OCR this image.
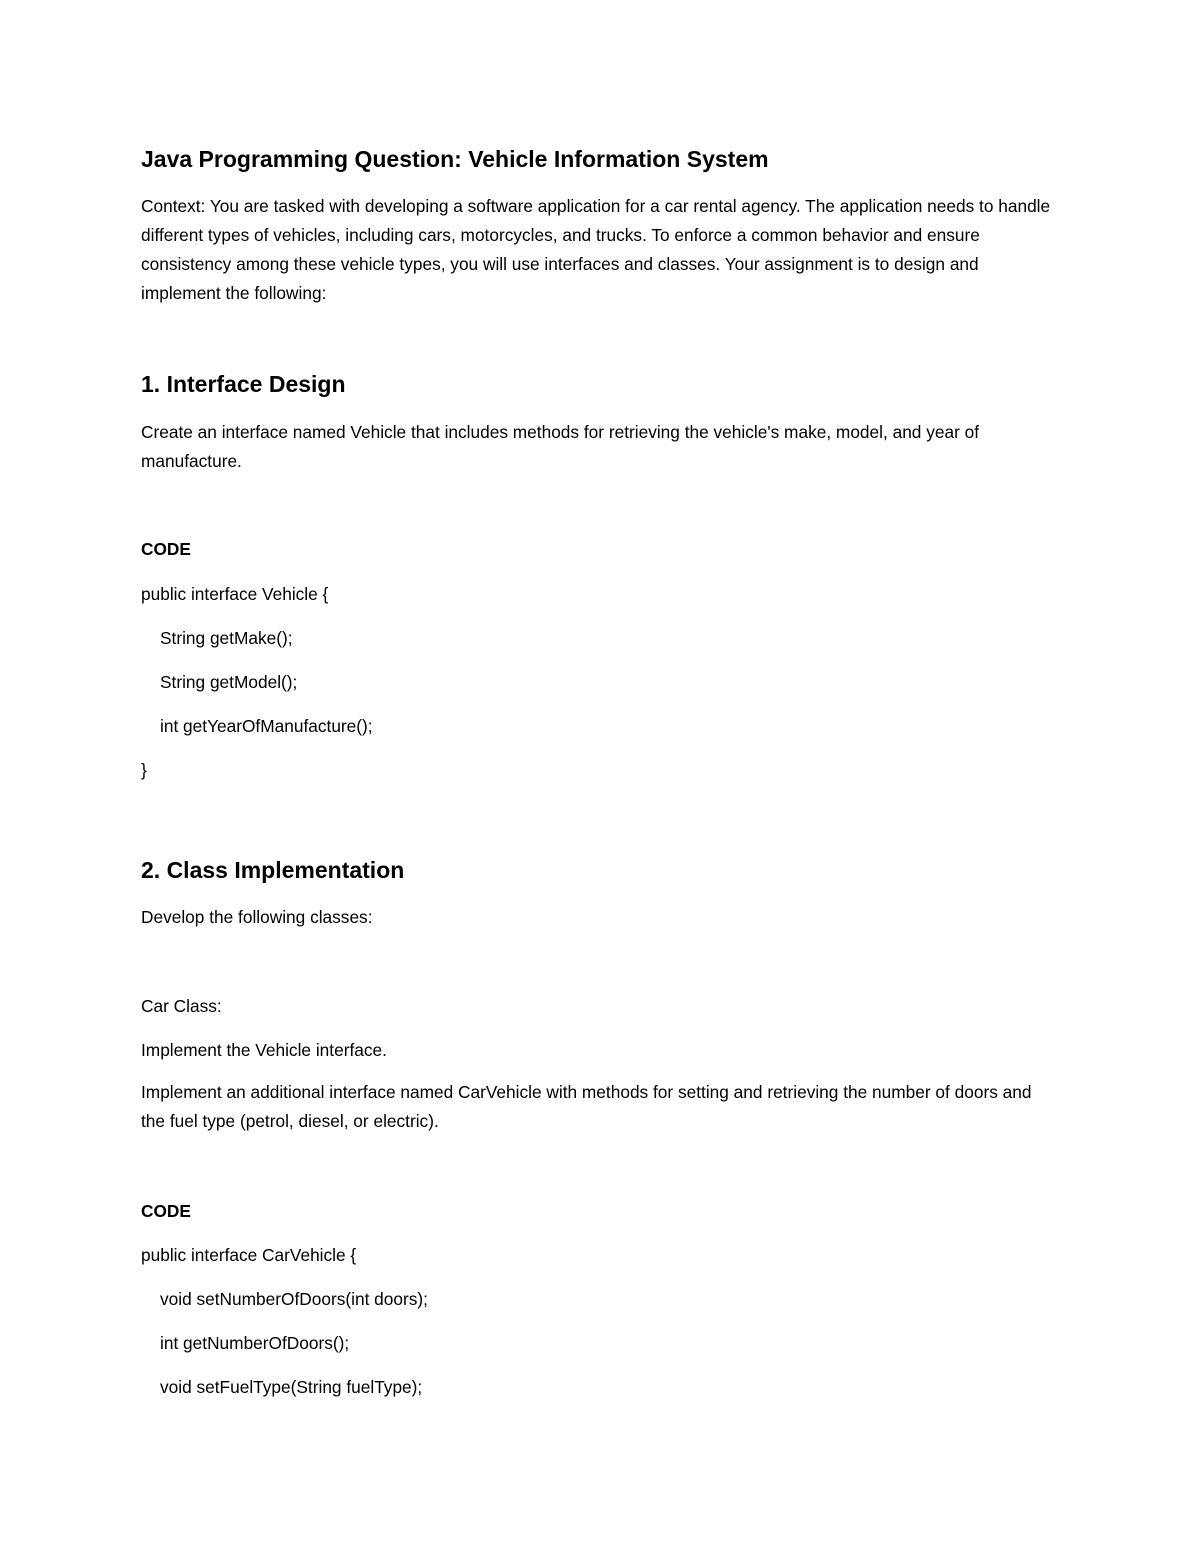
Java Programming Question: Vehicle Information System

Context: You are tasked with developing a software application for a car rental agency. The application needs to handle different types of vehicles, including cars, motorcycles, and trucks. To enforce a common behavior and ensure consistency among these vehicle types, you will use interfaces and classes. Your assignment is to design and implement the following:

1. Interface Design

Create an interface named Vehicle that includes methods for retrieving the vehicle's make, model, and year of manufacture.

CODE
public interface Vehicle {
String getMake();
String getModel();
int getYearOfManufacture();
}
2. Class Implementation
Develop the following classes:
Car Class:
Implement the Vehicle interface.

Implement an additional interface named CarVehicle with methods for setting and retrieving the number of doors and the fuel type (petrol, diesel, or electric).

CODE
public interface CarVehicle {
void setNumberOfDoors(int doors);
int getNumberOfDoors();
void setFuelType(String fuelType);
